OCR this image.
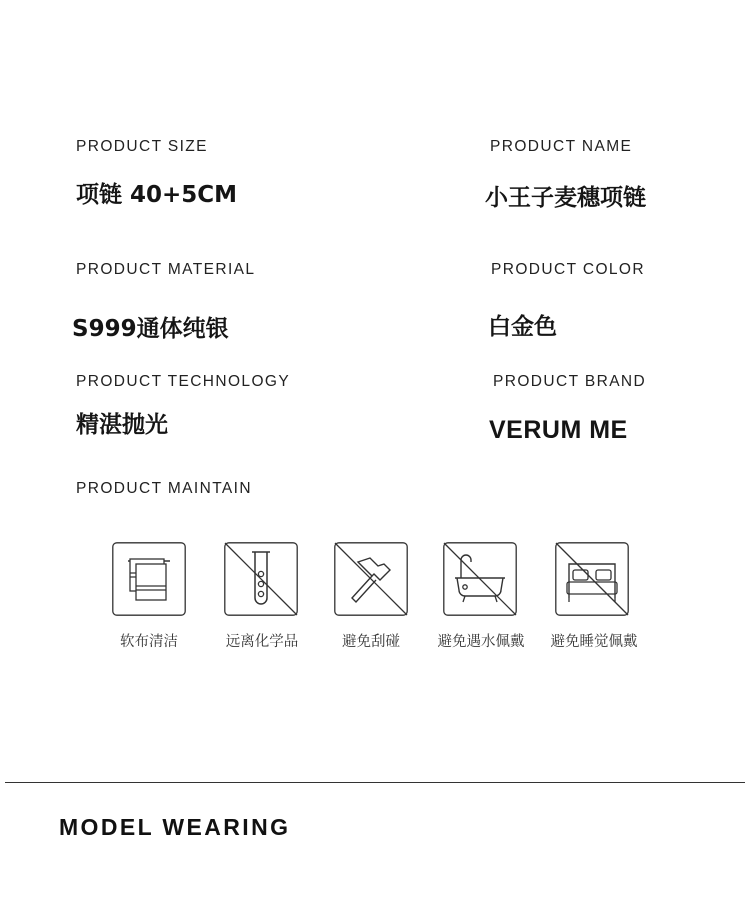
PRODUCT SIZE
项链 40+5CM
PRODUCT NAME
小王子麦穗项链
PRODUCT MATERIAL
S999通体纯银
PRODUCT COLOR
白金色
PRODUCT TECHNOLOGY
精湛抛光
PRODUCT BRAND
VERUM ME
PRODUCT MAINTAIN
软布清洁	远离化学品	避免刮碰	避免遇水佩戴 避免睡觉佩戴
MODEL WEARING
